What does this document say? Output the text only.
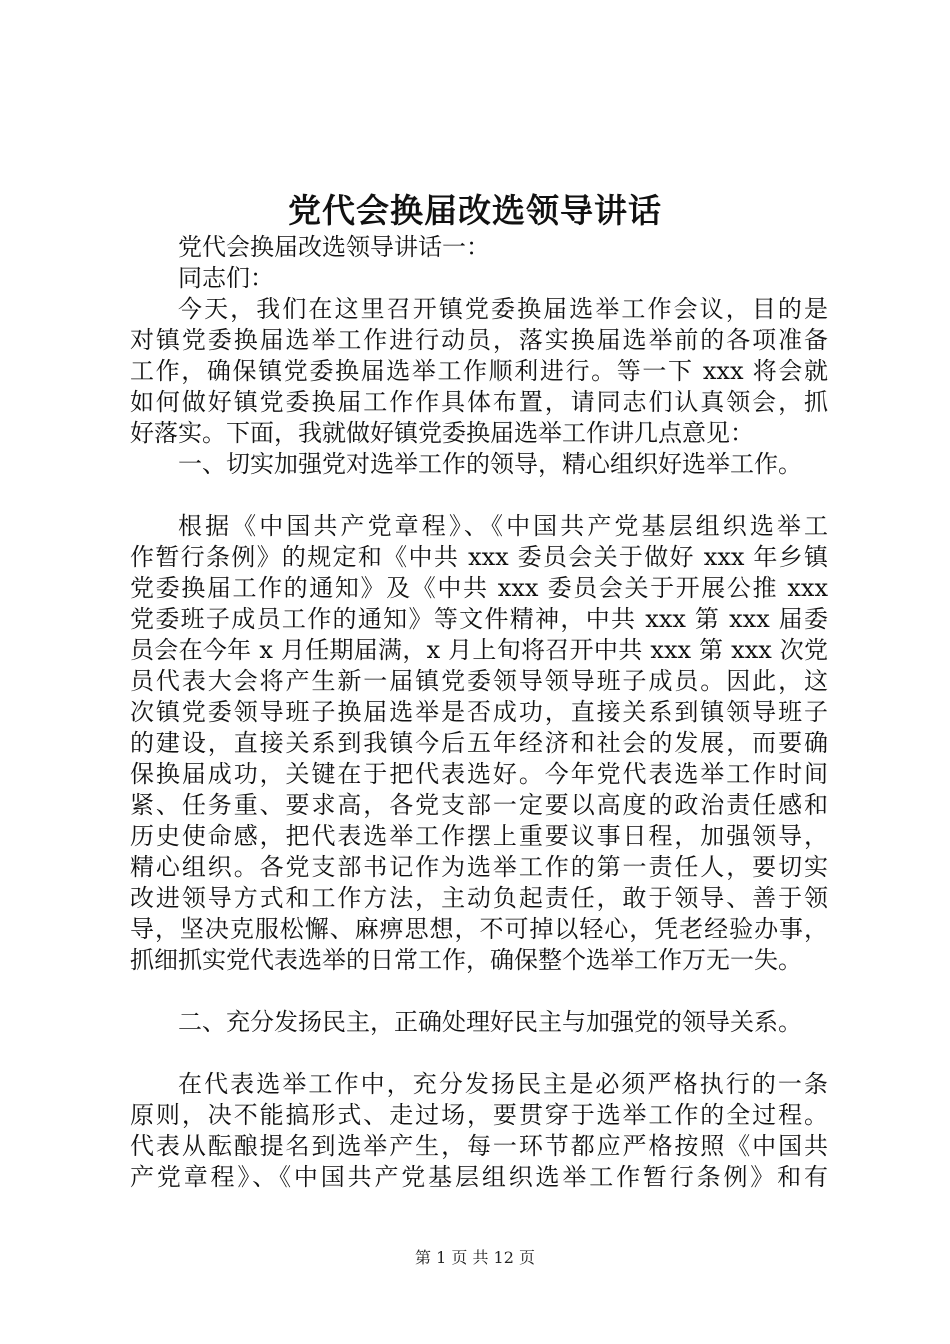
党代会换届改选领导讲话
党代会换届改选领导讲话一：
同志们：
今天，我们在这里召开镇党委换届选举工作会议，目的是
对镇党委换届选举工作进行动员，落实换届选举前的各项准备
工作，确保镇党委换届选举工作顺利进行。等一下 xxx 将会就
如何做好镇党委换届工作作具体布置，请同志们认真领会，抓
好落实。下面，我就做好镇党委换届选举工作讲几点意见：
一、切实加强党对选举工作的领导，精心组织好选举工作。
根据《中国共产党章程》、《中国共产党基层组织选举工
作暂行条例》的规定和《中共 xxx 委员会关于做好 xxx 年乡镇
党委换届工作的通知》及《中共 xxx 委员会关于开展公推 xxx
党委班子成员工作的通知》等文件精神，中共 xxx 第 xxx 届委
员会在今年 x 月任期届满，x 月上旬将召开中共 xxx 第 xxx 次党
员代表大会将产生新一届镇党委领导领导班子成员。因此，这
次镇党委领导班子换届选举是否成功，直接关系到镇领导班子
的建设，直接关系到我镇今后五年经济和社会的发展，而要确
保换届成功，关键在于把代表选好。今年党代表选举工作时间
紧、任务重、要求高，各党支部一定要以高度的政治责任感和
历史使命感，把代表选举工作摆上重要议事日程，加强领导，
精心组织。各党支部书记作为选举工作的第一责任人，要切实
改进领导方式和工作方法，主动负起责任，敢于领导、善于领
导，坚决克服松懈、麻痹思想，不可掉以轻心，凭老经验办事，
抓细抓实党代表选举的日常工作，确保整个选举工作万无一失。
二、充分发扬民主，正确处理好民主与加强党的领导关系。
在代表选举工作中，充分发扬民主是必须严格执行的一条
原则，决不能搞形式、走过场，要贯穿于选举工作的全过程。
代表从酝酿提名到选举产生，每一环节都应严格按照《中国共
产党章程》、《中国共产党基层组织选举工作暂行条例》和有
第 1 页 共 12 页
